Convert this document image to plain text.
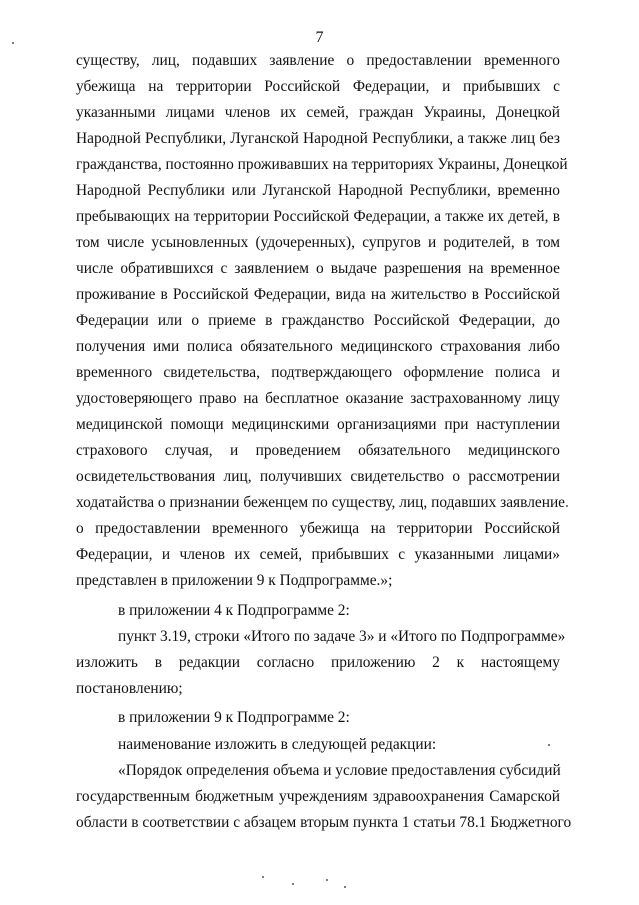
7
существу, лиц, подавших заявление о предоставлении временного
убежища на территории Российской Федерации, и прибывших с
указанными лицами членов их семей, граждан Украины, Донецкой
Народной Республики, Луганской Народной Республики, а также лиц без
гражданства, постоянно проживавших на территориях Украины, Донецкой
Народной Республики или Луганской Народной Республики, временно
пребывающих на территории Российской Федерации, а также их детей, в
том числе усыновленных (удочеренных), супругов и родителей, в том
числе обратившихся с заявлением о выдаче разрешения на временное
проживание в Российской Федерации, вида на жительство в Российской
Федерации или о приеме в гражданство Российской Федерации, до
получения ими полиса обязательного медицинского страхования либо
временного свидетельства, подтверждающего оформление полиса и
удостоверяющего право на бесплатное оказание застрахованному лицу
медицинской помощи медицинскими организациями при наступлении
страхового случая, и проведением обязательного медицинского
освидетельствования лиц, получивших свидетельство о рассмотрении
ходатайства о признании беженцем по существу, лиц, подавших заявление
о предоставлении временного убежища на территории Российской
Федерации, и членов их семей, прибывших с указанными лицами»
представлен в приложении 9 к Подпрограмме.»;
в приложении 4 к Подпрограмме 2:
пункт 3.19, строки «Итого по задаче 3» и «Итого по Подпрограмме»
изложить в редакции согласно приложению 2 к настоящему
постановлению;
в приложении 9 к Подпрограмме 2:
наименование изложить в следующей редакции:
«Порядок определения объема и условие предоставления субсидий
государственным бюджетным учреждениям здравоохранения Самарской
области в соответствии с абзацем вторым пункта 1 статьи 78.1 Бюджетного
